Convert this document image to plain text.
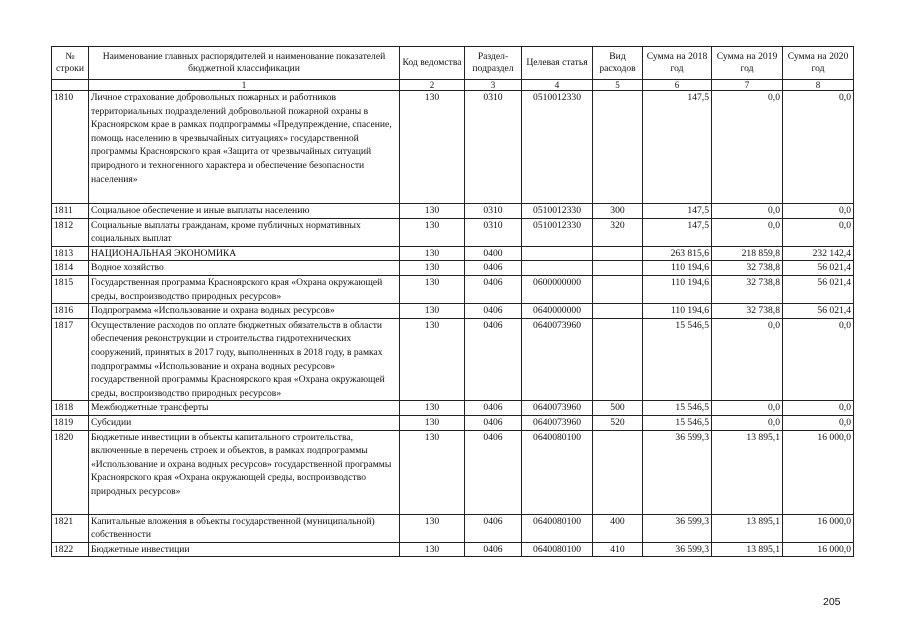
№ строки	Наименование главных распорядителей и наименование показателей бюджетной классификации	Код ведомства	Раздел-подраздел	Целевая статья	Вид расходов	Сумма на 2018 год	Сумма на 2019 год	Сумма на 2020 год
	1	2	3	4	5	6	7	8
1810	Личное страхование добровольных пожарных и работников территориальных подразделений добровольной пожарной охраны в Красноярском крае в рамках подпрограммы «Предупреждение, спасение, помощь населению в чрезвычайных ситуациях» государственной программы Красноярского края «Защита от чрезвычайных ситуаций природного и техногенного характера и обеспечение безопасности населения»	130	0310	0510012330		147,5	0,0	0,0
1811	Социальное обеспечение и иные выплаты населению	130	0310	0510012330	300	147,5	0,0	0,0
1812	Социальные выплаты гражданам, кроме публичных нормативных социальных выплат	130	0310	0510012330	320	147,5	0,0	0,0
1813	НАЦИОНАЛЬНАЯ ЭКОНОМИКА	130	0400			263 815,6	218 859,8	232 142,4
1814	Водное хозяйство	130	0406			110 194,6	32 738,8	56 021,4
1815	Государственная программа Красноярского края «Охрана окружающей среды, воспроизводство природных ресурсов»	130	0406	0600000000		110 194,6	32 738,8	56 021,4
1816	Подпрограмма «Использование и охрана водных ресурсов»	130	0406	0640000000		110 194,6	32 738,8	56 021,4
1817	Осуществление расходов по оплате бюджетных обязательств в области обеспечения реконструкции и строительства гидротехнических сооружений, принятых в 2017 году, выполненных в 2018 году, в рамках подпрограммы «Использование и охрана водных ресурсов» государственной программы Красноярского края «Охрана окружающей среды, воспроизводство природных ресурсов»	130	0406	0640073960		15 546,5	0,0	0,0
1818	Межбюджетные трансферты	130	0406	0640073960	500	15 546,5	0,0	0,0
1819	Субсидии	130	0406	0640073960	520	15 546,5	0,0	0,0
1820	Бюджетные инвестиции в объекты капитального строительства, включенные в перечень строек и объектов, в рамках подпрограммы «Использование и охрана водных ресурсов» государственной программы Красноярского края «Охрана окружающей среды, воспроизводство природных ресурсов»	130	0406	0640080100		36 599,3	13 895,1	16 000,0
1821	Капитальные вложения в объекты государственной (муниципальной) собственности	130	0406	0640080100	400	36 599,3	13 895,1	16 000,0
1822	Бюджетные инвестиции	130	0406	0640080100	410	36 599,3	13 895,1	16 000,0
205
